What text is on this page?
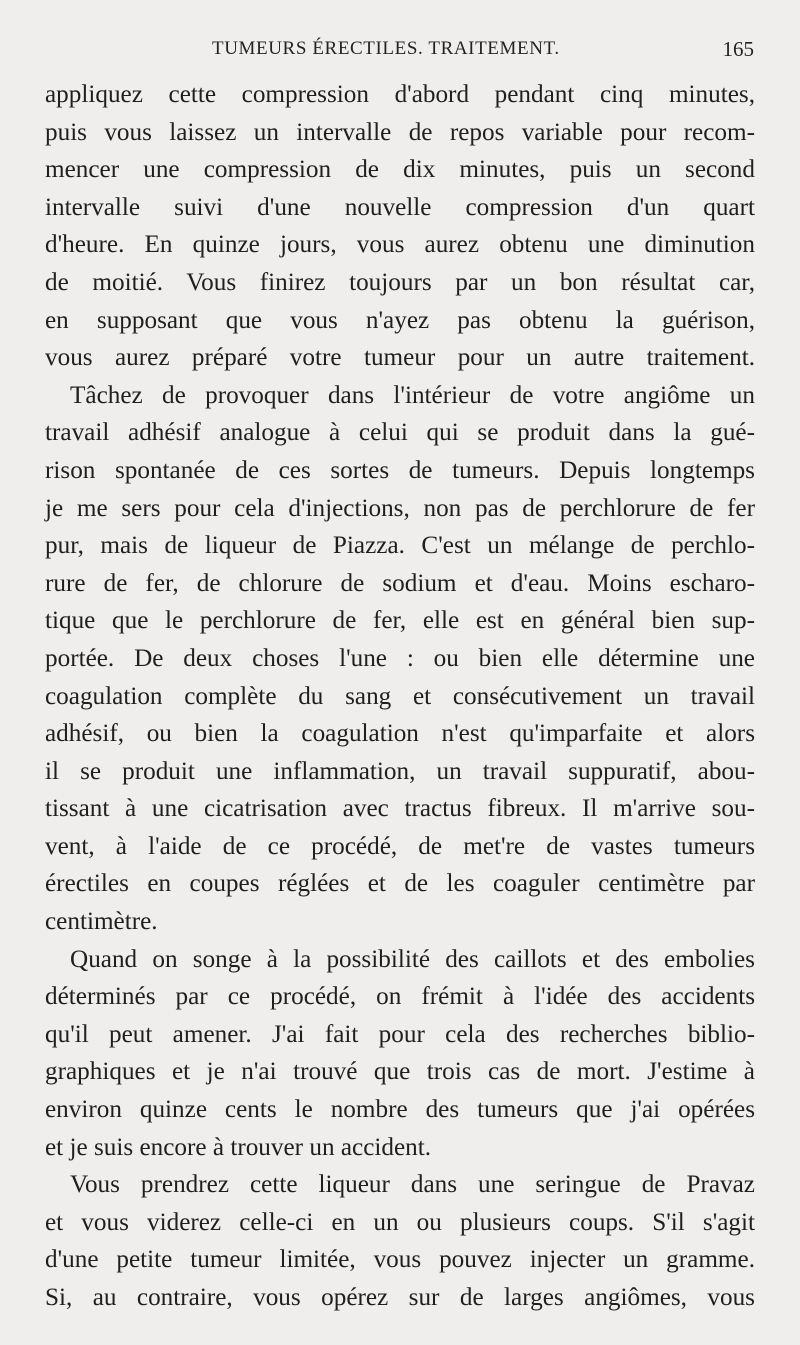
TUMEURS ÉRECTILES. TRAITEMENT.	165
appliquez cette compression d'abord pendant cinq minutes,
puis vous laissez un intervalle de repos variable pour recom-
mencer une compression de dix minutes, puis un second
intervalle suivi d'une nouvelle compression d'un quart
d'heure. En quinze jours, vous aurez obtenu une diminution
de moitié. Vous finirez toujours par un bon résultat car,
en supposant que vous n'ayez pas obtenu la guérison,
vous aurez préparé votre tumeur pour un autre traitement.
Tâchez de provoquer dans l'intérieur de votre angiôme un
travail adhésif analogue à celui qui se produit dans la gué-
rison spontanée de ces sortes de tumeurs. Depuis longtemps
je me sers pour cela d'injections, non pas de perchlorure de fer
pur, mais de liqueur de Piazza. C'est un mélange de perchlo-
rure de fer, de chlorure de sodium et d'eau. Moins escharo-
tique que le perchlorure de fer, elle est en général bien sup-
portée. De deux choses l'une : ou bien elle détermine une
coagulation complète du sang et consécutivement un travail
adhésif, ou bien la coagulation n'est qu'imparfaite et alors
il se produit une inflammation, un travail suppuratif, abou-
tissant à une cicatrisation avec tractus fibreux. Il m'arrive sou-
vent, à l'aide de ce procédé, de met're de vastes tumeurs
érectiles en coupes réglées et de les coaguler centimètre par
centimètre.
Quand on songe à la possibilité des caillots et des embolies
déterminés par ce procédé, on frémit à l'idée des accidents
qu'il peut amener. J'ai fait pour cela des recherches biblio-
graphiques et je n'ai trouvé que trois cas de mort. J'estime à
environ quinze cents le nombre des tumeurs que j'ai opérées
et je suis encore à trouver un accident.
Vous prendrez cette liqueur dans une seringue de Pravaz
et vous viderez celle-ci en un ou plusieurs coups. S'il s'agit
d'une petite tumeur limitée, vous pouvez injecter un gramme.
Si, au contraire, vous opérez sur de larges angiômes, vous
